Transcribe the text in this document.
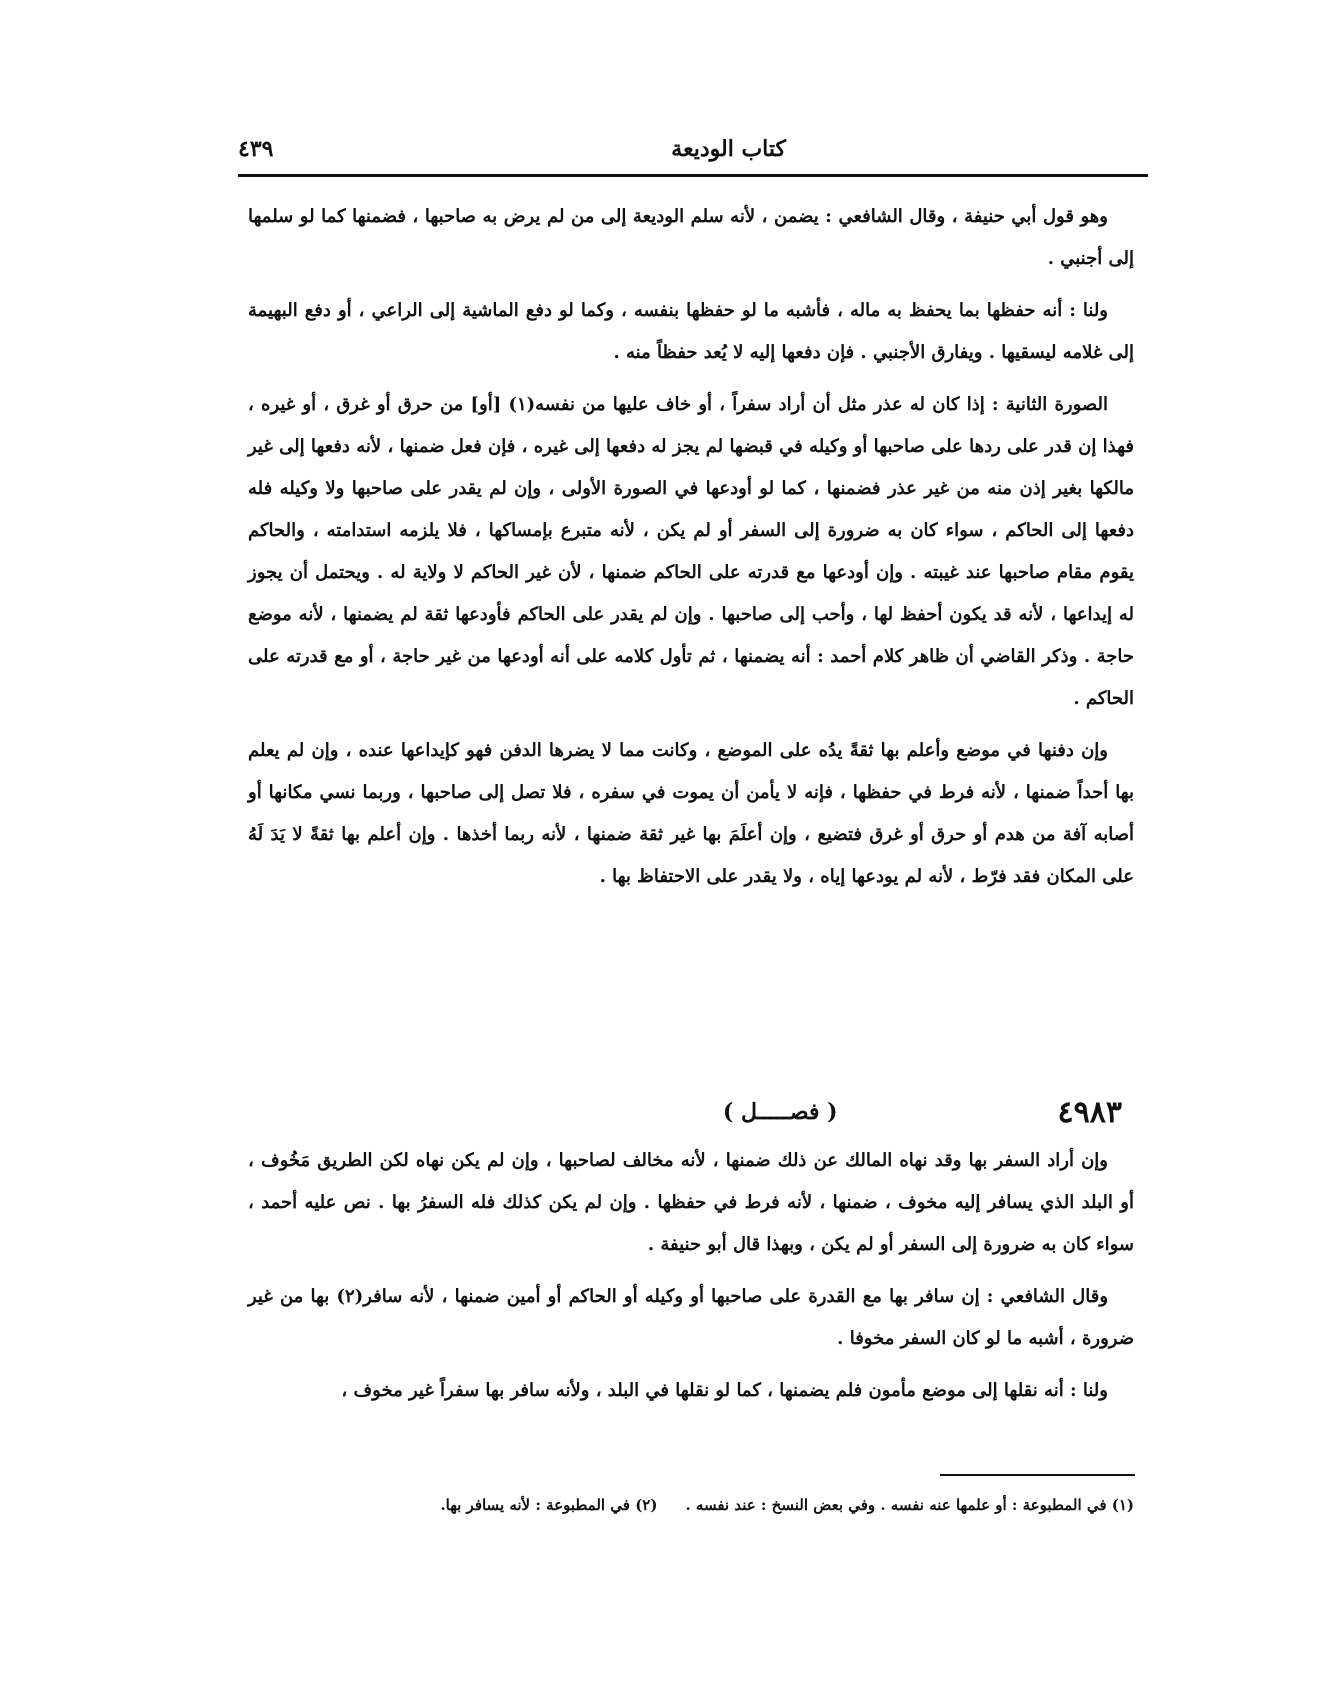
كتاب الوديعة
٤٣٩

وهو قول أبي حنيفة ، وقال الشافعي : يضمن ، لأنه سلم الوديعة إلى من لم يرض به صاحبها ، فضمنها كما لو سلمها إلى أجنبي .

ولنا : أنه حفظها بما يحفظ به ماله ، فأشبه ما لو حفظها بنفسه ، وكما لو دفع الماشية إلى الراعي ، أو دفع البهيمة إلى غلامه ليسقيها . ويفارق الأجنبي . فإن دفعها إليه لا يُعد حفظاً منه .

الصورة الثانية : إذا كان له عذر مثل أن أراد سفراً ، أو خاف عليها من نفسه(١) [أو] من حرق أو غرق ، أو غيره ، فهذا إن قدر على ردها على صاحبها أو وكيله في قبضها لم يجز له دفعها إلى غيره ، فإن فعل ضمنها ، لأنه دفعها إلى غير مالكها بغير إذن منه من غير عذر فضمنها ، كما لو أودعها في الصورة الأولى ، وإن لم يقدر على صاحبها ولا وكيله فله دفعها إلى الحاكم ، سواء كان به ضرورة إلى السفر أو لم يكن ، لأنه متبرع بإمساكها ، فلا يلزمه استدامته ، والحاكم يقوم مقام صاحبها عند غيبته . وإن أودعها مع قدرته على الحاكم ضمنها ، لأن غير الحاكم لا ولاية له . ويحتمل أن يجوز له إيداعها ، لأنه قد يكون أحفظ لها ، وأحب إلى صاحبها . وإن لم يقدر على الحاكم فأودعها ثقة لم يضمنها ، لأنه موضع حاجة . وذكر القاضي أن ظاهر كلام أحمد : أنه يضمنها ، ثم تأول كلامه على أنه أودعها من غير حاجة ، أو مع قدرته على الحاكم .

وإن دفنها في موضع وأعلم بها ثقةً يدُه على الموضع ، وكانت مما لا يضرها الدفن فهو كإيداعها عنده ، وإن لم يعلم بها أحداً ضمنها ، لأنه فرط في حفظها ، فإنه لا يأمن أن يموت في سفره ، فلا تصل إلى صاحبها ، وربما نسي مكانها أو أصابه آفة من هدم أو حرق أو غرق فتضيع ، وإن أعلَمَ بها غير ثقة ضمنها ، لأنه ربما أخذها . وإن أعلم بها ثقةً لا يَدَ لَهُ على المكان فقد فرّط ، لأنه لم يودعها إياه ، ولا يقدر على الاحتفاظ بها .

٤٩٨٣
( فصـــــل )

وإن أراد السفر بها وقد نهاه المالك عن ذلك ضمنها ، لأنه مخالف لصاحبها ، وإن لم يكن نهاه لكن الطريق مَخُوف ، أو البلد الذي يسافر إليه مخوف ، ضمنها ، لأنه فرط في حفظها . وإن لم يكن كذلك فله السفرُ بها . نص عليه أحمد ، سواء كان به ضرورة إلى السفر أو لم يكن ، وبهذا قال أبو حنيفة .

وقال الشافعي : إن سافر بها مع القدرة على صاحبها أو وكيله أو الحاكم أو أمين ضمنها ، لأنه سافر(٢) بها من غير ضرورة ، أشبه ما لو كان السفر مخوفا .

ولنا : أنه نقلها إلى موضع مأمون فلم يضمنها ، كما لو نقلها في البلد ، ولأنه سافر بها سفراً غير مخوف ،

(١) في المطبوعة : أو علمها عنه نفسه . وفي بعض النسخ : عند نفسه .
(٢) في المطبوعة : لأنه يسافر بها.
